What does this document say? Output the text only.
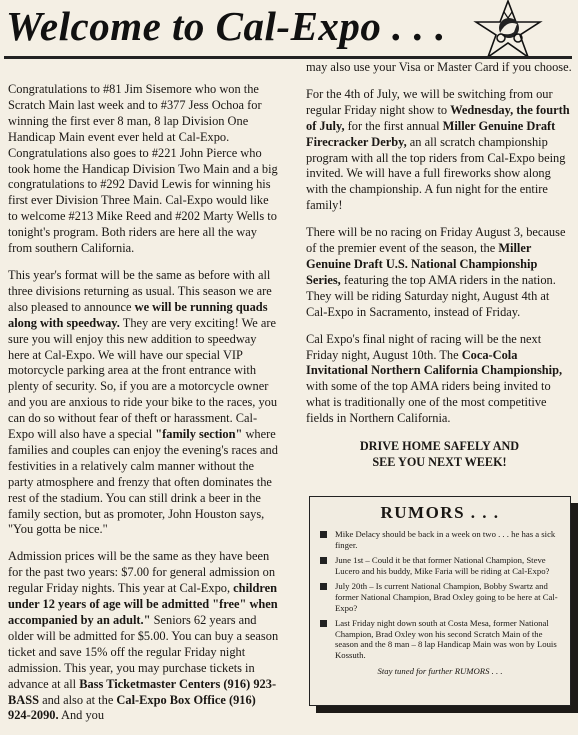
Welcome to Cal-Expo . . .

Congratulations to #81 Jim Sisemore who won the Scratch Main last week and to #377 Jess Ochoa for winning the first ever 8 man, 8 lap Division One Handicap Main event ever held at Cal-Expo. Congratulations also goes to #221 John Pierce who took home the Handicap Division Two Main and a big congratulations to #292 David Lewis for winning his first ever Division Three Main. Cal-Expo would like to welcome #213 Mike Reed and #202 Marty Wells to tonight's program. Both riders are here all the way from southern California.

This year's format will be the same as before with all three divisions returning as usual. This season we are also pleased to announce we will be running quads along with speedway. They are very exciting! We are sure you will enjoy this new addition to speedway here at Cal-Expo. We will have our special VIP motorcycle parking area at the front entrance with plenty of security. So, if you are a motorcycle owner and you are anxious to ride your bike to the races, you can do so without fear of theft or harassment. Cal-Expo will also have a special "family section" where families and couples can enjoy the evening's races and festivities in a relatively calm manner without the party atmosphere and frenzy that often dominates the rest of the stadium. You can still drink a beer in the family section, but as promoter, John Houston says, "You gotta be nice."

Admission prices will be the same as they have been for the past two years: $7.00 for general admission on regular Friday nights. This year at Cal-Expo, children under 12 years of age will be admitted "free" when accompanied by an adult." Seniors 62 years and older will be admitted for $5.00. You can buy a season ticket and save 15% off the regular Friday night admission. This year, you may purchase tickets in advance at all Bass Ticketmaster Centers (916) 923-BASS and also at the Cal-Expo Box Office (916) 924-2090. And you

may also use your Visa or Master Card if you choose.

For the 4th of July, we will be switching from our regular Friday night show to Wednesday, the fourth of July, for the first annual Miller Genuine Draft Firecracker Derby, an all scratch championship program with all the top riders from Cal-Expo being invited. We will have a full fireworks show along with the championship. A fun night for the entire family!

There will be no racing on Friday August 3, because of the premier event of the season, the Miller Genuine Draft U.S. National Championship Series, featuring the top AMA riders in the nation. They will be riding Saturday night, August 4th at Cal-Expo in Sacramento, instead of Friday.

Cal Expo's final night of racing will be the next Friday night, August 10th. The Coca-Cola Invitational Northern California Championship, with some of the top AMA riders being invited to what is traditionally one of the most competitive fields in Northern California.

DRIVE HOME SAFELY AND
SEE YOU NEXT WEEK!
RUMORS . . .
Mike Delacy should be back in a week on two . . . he has a sick finger.
June 1st – Could it be that former National Champion, Steve Lucero and his buddy, Mike Faria will be riding at Cal-Expo?
July 20th – Is current National Champion, Bobby Swartz and former National Champion, Brad Oxley going to be here at Cal-Expo?
Last Friday night down south at Costa Mesa, former National Champion, Brad Oxley won his second Scratch Main of the season and the 8 man – 8 lap Handicap Main was won by Louis Kossuth.
Stay tuned for further RUMORS . . .
